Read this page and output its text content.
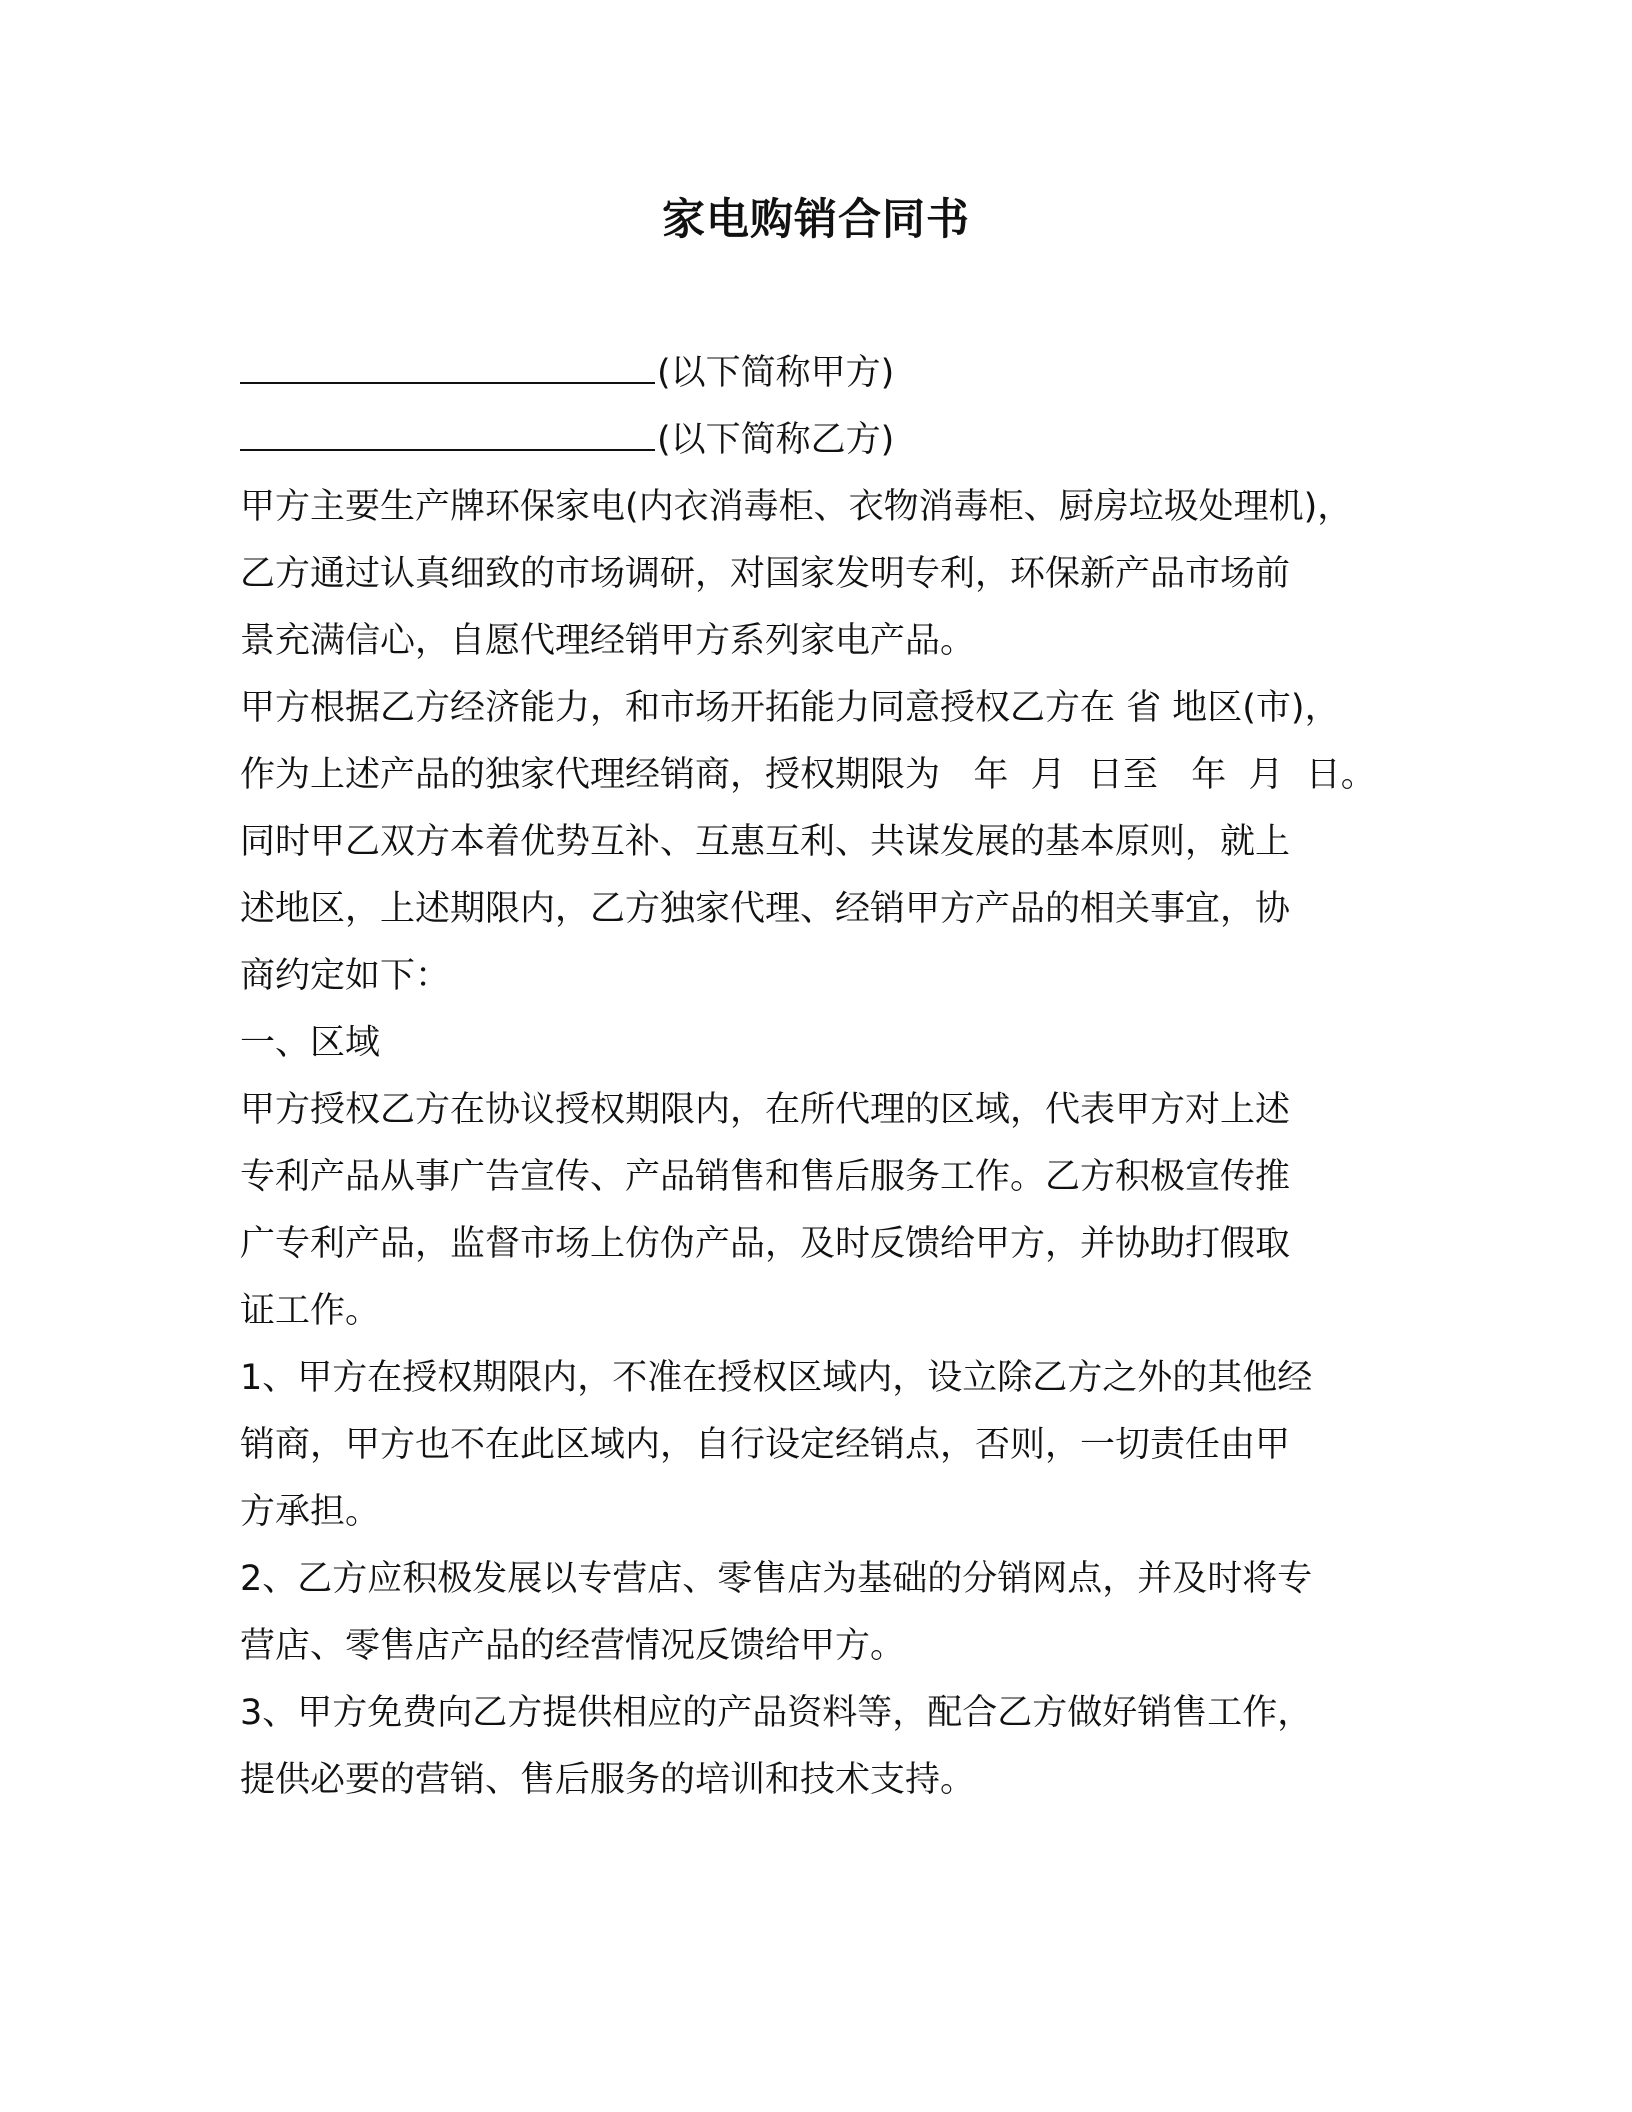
家电购销合同书
(以下简称甲方)
(以下简称乙方)
甲方主要生产牌环保家电(内衣消毒柜、衣物消毒柜、厨房垃圾处理机)，
乙方通过认真细致的市场调研，对国家发明专利，环保新产品市场前
景充满信心，自愿代理经销甲方系列家电产品。
甲方根据乙方经济能力，和市场开拓能力同意授权乙方在 省 地区(市)，
作为上述产品的独家代理经销商，授权期限为   年  月  日至   年  月  日。
同时甲乙双方本着优势互补、互惠互利、共谋发展的基本原则，就上
述地区，上述期限内，乙方独家代理、经销甲方产品的相关事宜，协
商约定如下：
一、区域
甲方授权乙方在协议授权期限内，在所代理的区域，代表甲方对上述
专利产品从事广告宣传、产品销售和售后服务工作。乙方积极宣传推
广专利产品，监督市场上仿伪产品，及时反馈给甲方，并协助打假取
证工作。
1、甲方在授权期限内，不准在授权区域内，设立除乙方之外的其他经
销商，甲方也不在此区域内，自行设定经销点，否则，一切责任由甲
方承担。
2、乙方应积极发展以专营店、零售店为基础的分销网点，并及时将专
营店、零售店产品的经营情况反馈给甲方。
3、甲方免费向乙方提供相应的产品资料等，配合乙方做好销售工作，
提供必要的营销、售后服务的培训和技术支持。
